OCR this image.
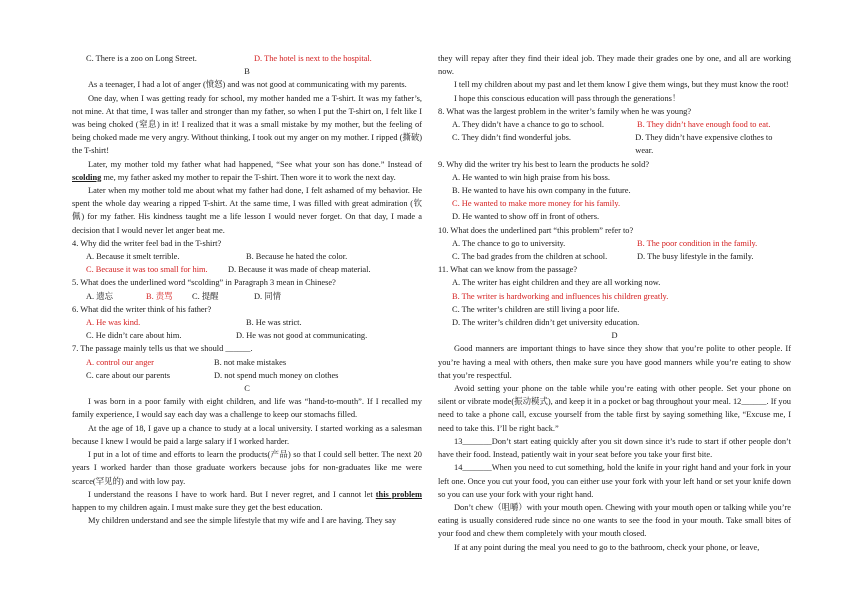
C. There is a zoo on Long Street.	D. The hotel is next to the hospital.

B

As a teenager, I had a lot of anger (愤怒) and was not good at communicating with my parents.

One day, when I was getting ready for school, my mother handed me a T-shirt. It was my father’s, not mine. At that time, I was taller and stronger than my father, so when I put the T-shirt on, I felt like I was being choked (窒息) in it! I realized that it was a small mistake by my mother, but the feeling of being choked made me very angry. Without thinking, I took out my anger on my mother. I ripped (撕破) the T-shirt!

Later, my mother told my father what had happened, “See what your son has done.” Instead of scolding me, my father asked my mother to repair the T-shirt. Then wore it to work the next day.

Later when my mother told me about what my father had done, I felt ashamed of my behavior. He spent the whole day wearing a ripped T-shirt. At the same time, I was filled with great admiration (钦佩) for my father. His kindness taught me a life lesson I would never forget. On that day, I made a decision that I would never let anger beat me.

4. Why did the writer feel bad in the T-shirt?

A. Because it smelt terrible.	B. Because he hated the color.
C. Because it was too small for him.	D. Because it was made of cheap material.

5. What does the underlined word “scolding” in Paragraph 3 mean in Chinese?

A. 遗忘	B. 责骂	C. 提醒	D. 同情

6. What did the writer think of his father?

A. He was kind.	B. He was strict.
C. He didn’t care about him.	D. He was not good at communicating.

7. The passage mainly tells us that we should ______.

A. control our anger	B. not make mistakes
C. care about our parents	D. not spend much money on clothes

C

I was born in a poor family with eight children, and life was “hand-to-mouth”. If I recalled my family experience, I would say each day was a challenge to keep our stomachs filled.

At the age of 18, I gave up a chance to study at a local university. I started working as a salesman because I knew I would be paid a large salary if I worked harder.

I put in a lot of time and efforts to learn the products(产品) so that I could sell better. The next 20 years I worked harder than those graduate workers because jobs for non-graduates like me were scarce(罕见的) and with low pay.

I understand the reasons I have to work hard. But I never regret, and I cannot let this problem happen to my children again. I must make sure they get the best education.

My children understand and see the simple lifestyle that my wife and I are having. They say

they will repay after they find their ideal job. They made their grades one by one, and all are working now.

I tell my children about my past and let them know I give them wings, but they must know the root!

I hope this conscious education will pass through the generations！

8. What was the largest problem in the writer’s family when he was young?

A. They didn’t have a chance to go to school.	B. They didn’t have enough food to eat.
C. They didn’t find wonderful jobs.	D. They didn’t have expensive clothes to wear.

9. Why did the writer try his best to learn the products he sold?

A. He wanted to win high praise from his boss.

B. He wanted to have his own company in the future.

C. He wanted to make more money for his family.

D. He wanted to show off in front of others.

10. What does the underlined part “this problem” refer to?

A. The chance to go to university.	B. The poor condition in the family.
C. The bad grades from the children at school.	D. The busy lifestyle in the family.

11. What can we know from the passage?

A. The writer has eight children and they are all working now.

B. The writer is hardworking and influences his children greatly.

C. The writer’s children are still living a poor life.

D. The writer’s children didn’t get university education.

D

Good manners are important things to have since they show that you’re polite to other people. If you’re having a meal with others, then make sure you have good manners while you’re eating to show that you’re respectful.

Avoid setting your phone on the table while you’re eating with other people. Set your phone on silent or vibrate mode(振动模式), and keep it in a pocket or bag throughout your meal. 12______. If you need to take a phone call, excuse yourself from the table first by saying something like, “Excuse me, I need to take this. I’ll be right back.”

13_______Don’t start eating quickly after you sit down since it’s rude to start if other people don’t have their food. Instead, patiently wait in your seat before you take your first bite.

14_______When you need to cut something, hold the knife in your right hand and your fork in your left one. Once you cut your food, you can either use your fork with your left hand or set your knife down so you can use your fork with your right hand.

Don’t chew（咀嚼）with your mouth open. Chewing with your mouth open or talking while you’re eating is usually considered rude since no one wants to see the food in your mouth. Take small bites of your food and chew them completely with your mouth closed.

If at any point during the meal you need to go to the bathroom, check your phone, or leave,
